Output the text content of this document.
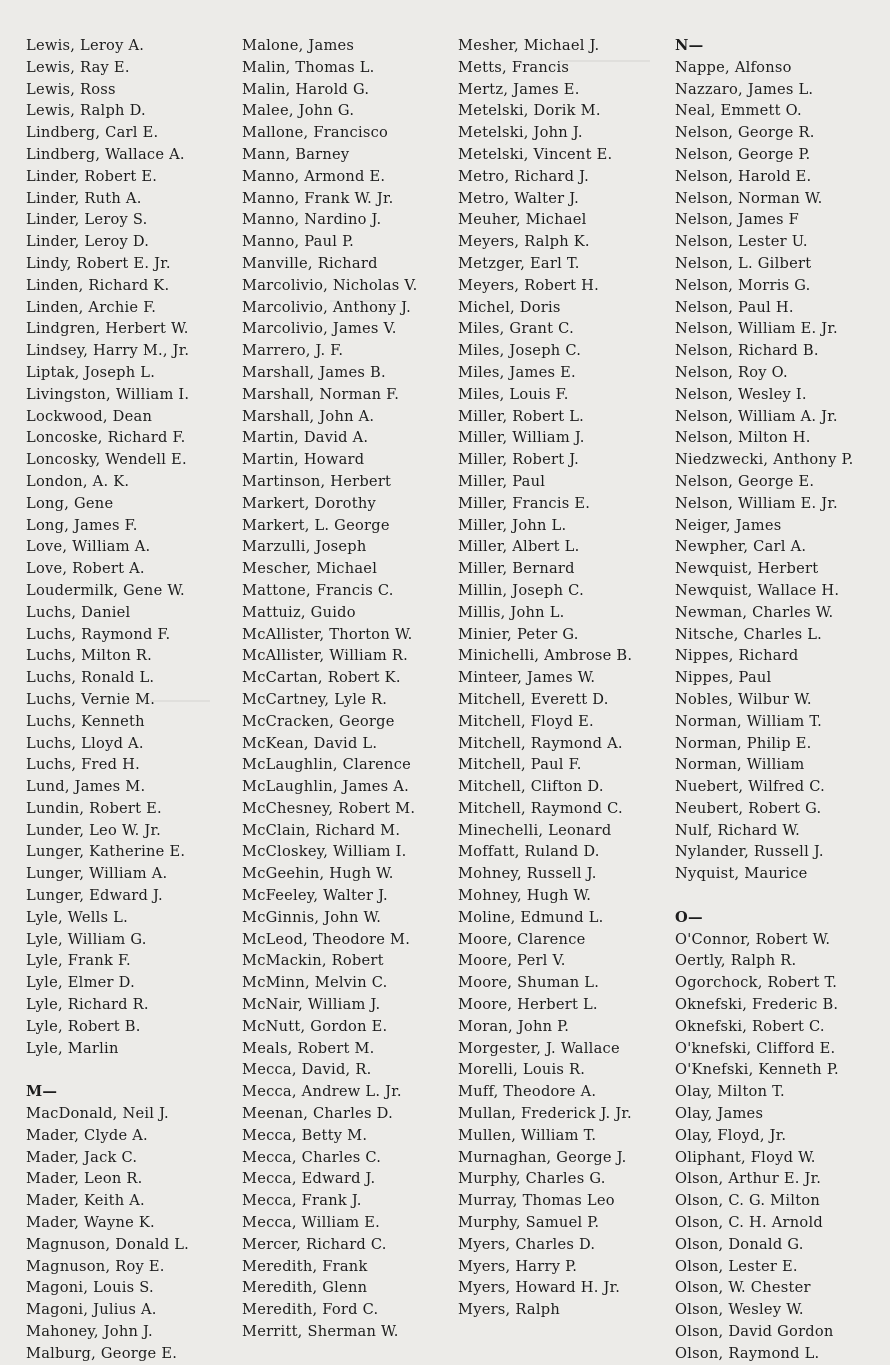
Lewis, Leroy A.
Lewis, Ray E.
Lewis, Ross
Lewis, Ralph D.
Lindberg, Carl E.
Lindberg, Wallace A.
Linder, Robert E.
Linder, Ruth A.
Linder, Leroy S.
Linder, Leroy D.
Lindy, Robert E. Jr.
Linden, Richard K.
Linden, Archie F.
Lindgren, Herbert W.
Lindsey, Harry M., Jr.
Liptak, Joseph L.
Livingston, William I.
Lockwood, Dean
Loncoske, Richard F.
Loncosky, Wendell E.
London, A. K.
Long, Gene
Long, James F.
Love, William A.
Love, Robert A.
Loudermilk, Gene W.
Luchs, Daniel
Luchs, Raymond F.
Luchs, Milton R.
Luchs, Ronald L.
Luchs, Vernie M.
Luchs, Kenneth
Luchs, Lloyd A.
Luchs, Fred H.
Lund, James M.
Lundin, Robert E.
Lunder, Leo W. Jr.
Lunger, Katherine E.
Lunger, William A.
Lunger, Edward J.
Lyle, Wells L.
Lyle, William G.
Lyle, Frank F.
Lyle, Elmer D.
Lyle, Richard R.
Lyle, Robert B.
Lyle, Marlin
M—
MacDonald, Neil J.
Mader, Clyde A.
Mader, Jack C.
Mader, Leon R.
Mader, Keith A.
Mader, Wayne K.
Magnuson, Donald L.
Magnuson, Roy E.
Magoni, Louis S.
Magoni, Julius A.
Mahoney, John J.
Malburg, George E.
Malone, James
Malin, Thomas L.
Malin, Harold G.
Malee, John G.
Mallone, Francisco
Mann, Barney
Manno, Armond E.
Manno, Frank W. Jr.
Manno, Nardino J.
Manno, Paul P.
Manville, Richard
Marcolivio, Nicholas V.
Marcolivio, Anthony J.
Marcolivio, James V.
Marrero, J. F.
Marshall, James B.
Marshall, Norman F.
Marshall, John A.
Martin, David A.
Martin, Howard
Martinson, Herbert
Markert, Dorothy
Markert, L. George
Marzulli, Joseph
Mescher, Michael
Mattone, Francis C.
Mattuiz, Guido
McAllister, Thorton W.
McAllister, William R.
McCartan, Robert K.
McCartney, Lyle R.
McCracken, George
McKean, David L.
McLaughlin, Clarence
McLaughlin, James A.
McChesney, Robert M.
McClain, Richard M.
McCloskey, William I.
McGeehin, Hugh W.
McFeeley, Walter J.
McGinnis, John W.
McLeod, Theodore M.
McMackin, Robert
McMinn, Melvin C.
McNair, William J.
McNutt, Gordon E.
Meals, Robert M.
Mecca, David, R.
Mecca, Andrew L. Jr.
Meenan, Charles D.
Mecca, Betty M.
Mecca, Charles C.
Mecca, Edward J.
Mecca, Frank J.
Mecca, William E.
Mercer, Richard C.
Meredith, Frank
Meredith, Glenn
Meredith, Ford C.
Merritt, Sherman W.
Mesher, Michael J.
Metts, Francis
Mertz, James E.
Metelski, Dorik M.
Metelski, John J.
Metelski, Vincent E.
Metro, Richard J.
Metro, Walter J.
Meuher, Michael
Meyers, Ralph K.
Metzger, Earl T.
Meyers, Robert H.
Michel, Doris
Miles, Grant C.
Miles, Joseph C.
Miles, James E.
Miles, Louis F.
Miller, Robert L.
Miller, William J.
Miller, Robert J.
Miller, Paul
Miller, Francis E.
Miller, John L.
Miller, Albert L.
Miller, Bernard
Millin, Joseph C.
Millis, John L.
Minier, Peter G.
Minichelli, Ambrose B.
Minteer, James W.
Mitchell, Everett D.
Mitchell, Floyd E.
Mitchell, Raymond A.
Mitchell, Paul F.
Mitchell, Clifton D.
Mitchell, Raymond C.
Minechelli, Leonard
Moffatt, Ruland D.
Mohney, Russell J.
Mohney, Hugh W.
Moline, Edmund L.
Moore, Clarence
Moore, Perl V.
Moore, Shuman L.
Moore, Herbert L.
Moran, John P.
Morgester, J. Wallace
Morelli, Louis R.
Muff, Theodore A.
Mullan, Frederick J. Jr.
Mullen, William T.
Murnaghan, George J.
Murphy, Charles G.
Murray, Thomas Leo
Murphy, Samuel P.
Myers, Charles D.
Myers, Harry P.
Myers, Howard H. Jr.
Myers, Ralph
N—
Nappe, Alfonso
Nazzaro, James L.
Neal, Emmett O.
Nelson, George R.
Nelson, George P.
Nelson, Harold E.
Nelson, Norman W.
Nelson, James F
Nelson, Lester U.
Nelson, L. Gilbert
Nelson, Morris G.
Nelson, Paul H.
Nelson, William E. Jr.
Nelson, Richard B.
Nelson, Roy O.
Nelson, Wesley I.
Nelson, William A. Jr.
Nelson, Milton H.
Niedzwecki, Anthony P.
Nelson, George E.
Nelson, William E. Jr.
Neiger, James
Newpher, Carl A.
Newquist, Herbert
Newquist, Wallace H.
Newman, Charles W.
Nitsche, Charles L.
Nippes, Richard
Nippes, Paul
Nobles, Wilbur W.
Norman, William T.
Norman, Philip E.
Norman, William
Nuebert, Wilfred C.
Neubert, Robert G.
Nulf, Richard W.
Nylander, Russell J.
Nyquist, Maurice
O—
O'Connor, Robert W.
Oertly, Ralph R.
Ogorchock, Robert T.
Oknefski, Frederic B.
Oknefski, Robert C.
O'knefski, Clifford E.
O'Knefski, Kenneth P.
Olay, Milton T.
Olay, James
Olay, Floyd, Jr.
Oliphant, Floyd W.
Olson, Arthur E. Jr.
Olson, C. G. Milton
Olson, C. H. Arnold
Olson, Donald G.
Olson, Lester E.
Olson, W. Chester
Olson, Wesley W.
Olson, David Gordon
Olson, Raymond L.
